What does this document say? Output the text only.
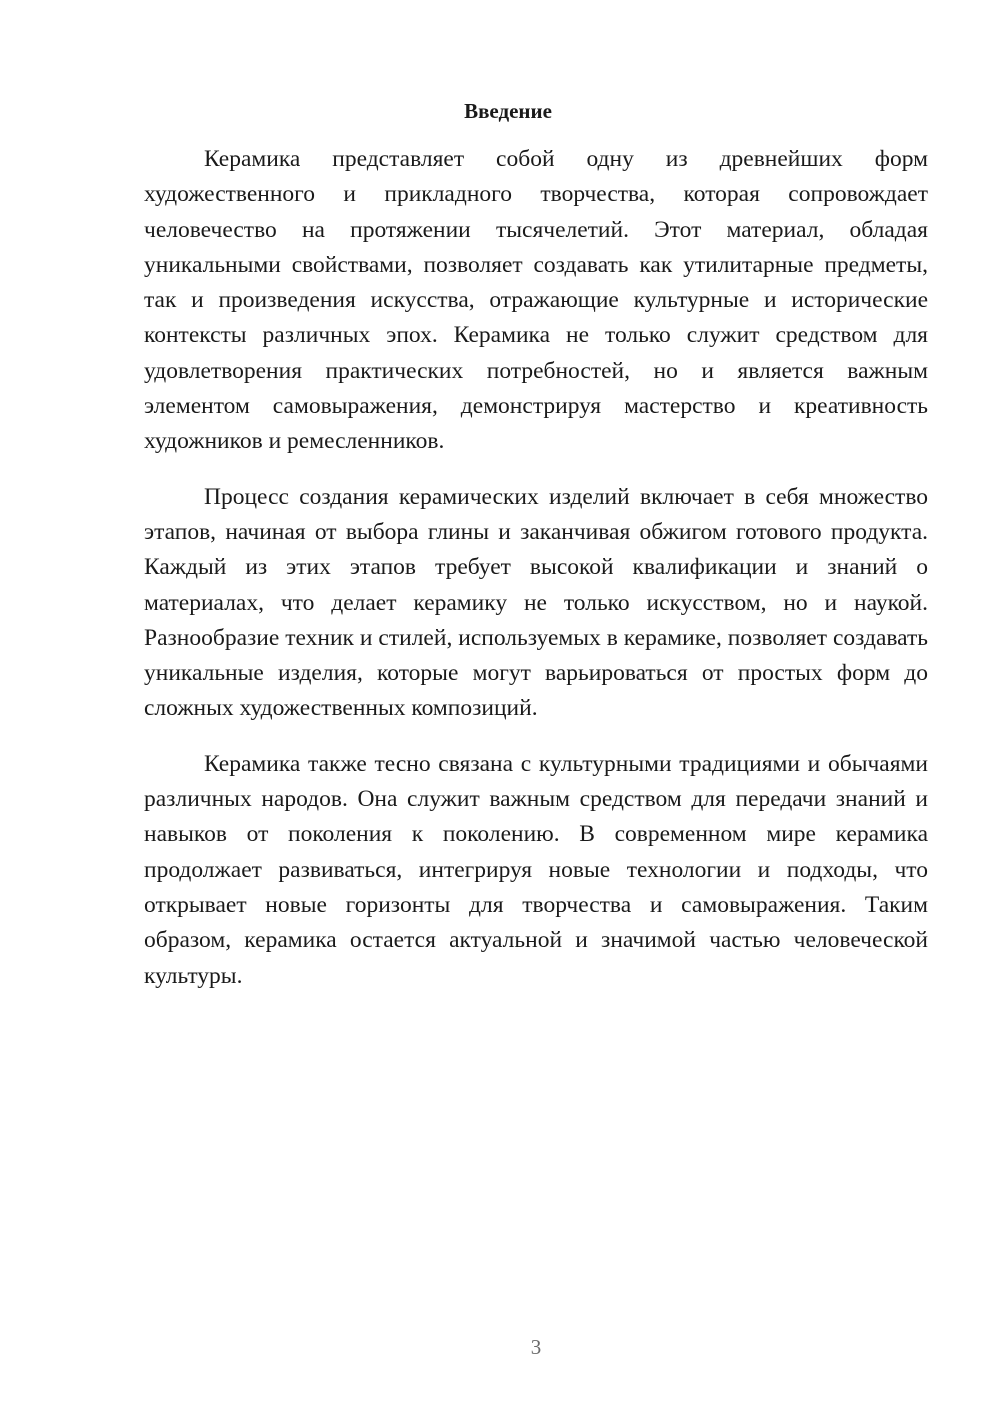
Введение

Керамика представляет собой одну из древнейших форм художественного и прикладного творчества, которая сопровождает человечество на протяжении тысячелетий. Этот материал, обладая уникальными свойствами, позволяет создавать как утилитарные предметы, так и произведения искусства, отражающие культурные и исторические контексты различных эпох. Керамика не только служит средством для удовлетворения практических потребностей, но и является важным элементом самовыражения, демонстрируя мастерство и креативность художников и ремесленников.

Процесс создания керамических изделий включает в себя множество этапов, начиная от выбора глины и заканчивая обжигом готового продукта. Каждый из этих этапов требует высокой квалификации и знаний о материалах, что делает керамику не только искусством, но и наукой. Разнообразие техник и стилей, используемых в керамике, позволяет создавать уникальные изделия, которые могут варьироваться от простых форм до сложных художественных композиций.

Керамика также тесно связана с культурными традициями и обычаями различных народов. Она служит важным средством для передачи знаний и навыков от поколения к поколению. В современном мире керамика продолжает развиваться, интегрируя новые технологии и подходы, что открывает новые горизонты для творчества и самовыражения. Таким образом, керамика остается актуальной и значимой частью человеческой культуры.

3
